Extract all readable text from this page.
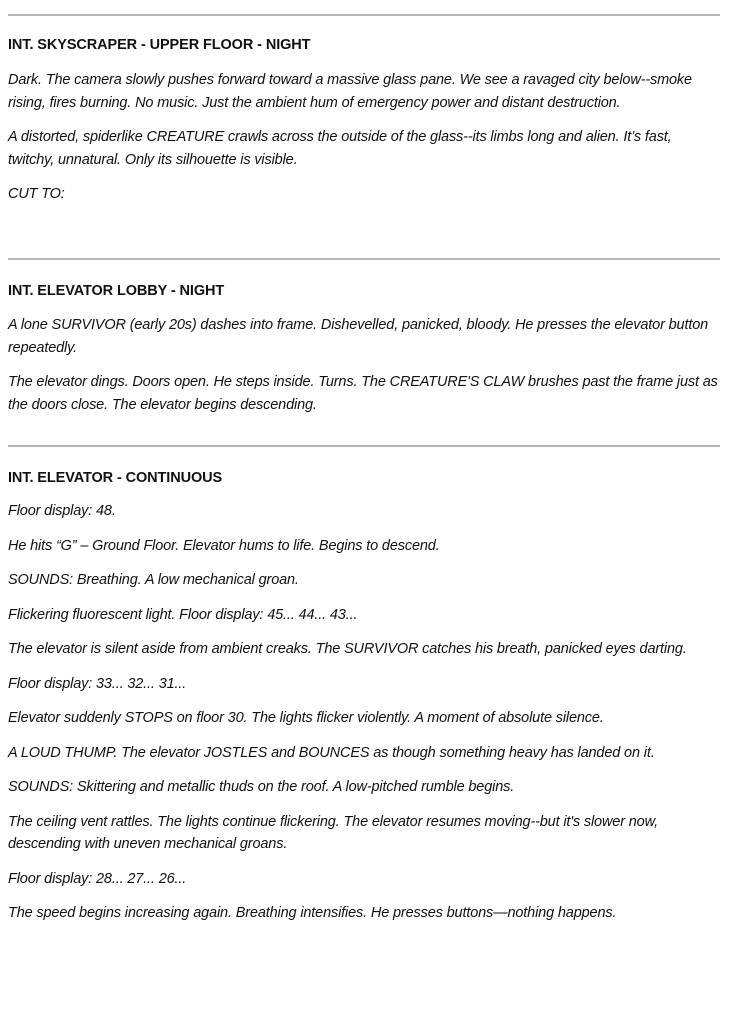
INT. SKYSCRAPER - UPPER FLOOR - NIGHT

Dark. The camera slowly pushes forward toward a massive glass pane. We see a ravaged city below--smoke rising, fires burning. No music. Just the ambient hum of emergency power and distant destruction.

A distorted, spiderlike CREATURE crawls across the outside of the glass--its limbs long and alien. It’s fast, twitchy, unnatural. Only its silhouette is visible.

CUT TO:

INT. ELEVATOR LOBBY - NIGHT

A lone SURVIVOR (early 20s) dashes into frame. Dishevelled, panicked, bloody. He presses the elevator button repeatedly.

The elevator dings. Doors open. He steps inside. Turns. The CREATURE'S CLAW brushes past the frame just as the doors close. The elevator begins descending.

INT. ELEVATOR - CONTINUOUS

Floor display: 48.

He hits “G” – Ground Floor. Elevator hums to life. Begins to descend.

SOUNDS: Breathing. A low mechanical groan.

Flickering fluorescent light. Floor display: 45... 44... 43...

The elevator is silent aside from ambient creaks. The SURVIVOR catches his breath, panicked eyes darting.

Floor display: 33... 32... 31...

Elevator suddenly STOPS on floor 30. The lights flicker violently. A moment of absolute silence.

A LOUD THUMP. The elevator JOSTLES and BOUNCES as though something heavy has landed on it.

SOUNDS: Skittering and metallic thuds on the roof. A low-pitched rumble begins.

The ceiling vent rattles. The lights continue flickering. The elevator resumes moving--but it's slower now, descending with uneven mechanical groans.

Floor display: 28... 27... 26...

The speed begins increasing again. Breathing intensifies. He presses buttons—nothing happens.
